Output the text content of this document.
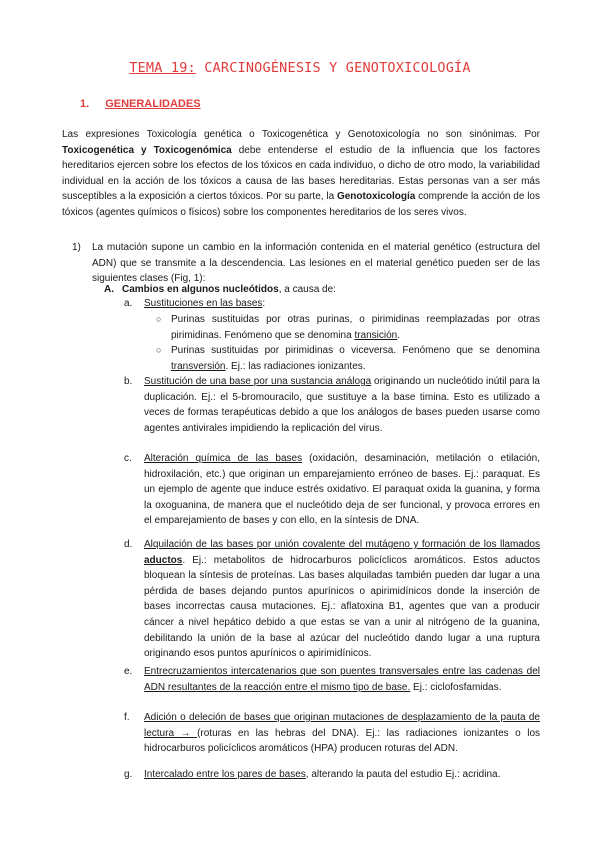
TEMA 19: CARCINOGÉNESIS Y GENOTOXICOLOGÍA
1. GENERALIDADES
Las expresiones Toxicología genética o Toxicogenética y Genotoxicología no son sinónimas. Por Toxicogenética y Toxicogenómica debe entenderse el estudio de la influencia que los factores hereditarios ejercen sobre los efectos de los tóxicos en cada individuo, o dicho de otro modo, la variabilidad individual en la acción de los tóxicos a causa de las bases hereditarias. Estas personas van a ser más susceptibles a la exposición a ciertos tóxicos. Por su parte, la Genotoxicología comprende la acción de los tóxicos (agentes químicos o físicos) sobre los componentes hereditarios de los seres vivos.
1) La mutación supone un cambio en la información contenida en el material genético (estructura del ADN) que se transmite a la descendencia. Las lesiones en el material genético pueden ser de las siguientes clases (Fig, 1):
A. Cambios en algunos nucleótidos, a causa de:
a. Sustituciones en las bases:
○ Purinas sustituidas por otras purinas, o pirimidinas reemplazadas por otras pirimidinas. Fenómeno que se denomina transición.
○ Purinas sustituidas por pirimidinas o viceversa. Fenómeno que se denomina transversión. Ej.: las radiaciones ionizantes.
b. Sustitución de una base por una sustancia análoga originando un nucleótido inútil para la duplicación. Ej.: el 5-bromouracilo, que sustituye a la base timina. Esto es utilizado a veces de formas terapéuticas debido a que los análogos de bases pueden usarse como agentes antivirales impidiendo la replicación del virus.
c. Alteración química de las bases (oxidación, desaminación, metilación o etilación, hidroxilación, etc.) que originan un emparejamiento erróneo de bases. Ej.: paraquat. Es un ejemplo de agente que induce estrés oxidativo. El paraquat oxida la guanina, y forma la oxoguanina, de manera que el nucleótido deja de ser funcional, y provoca errores en el emparejamiento de bases y con ello, en la síntesis de DNA.
d. Alquilación de las bases por unión covalente del mutágeno y formación de los llamados aductos. Ej.: metabolitos de hidrocarburos policíclicos aromáticos. Estos aductos bloquean la síntesis de proteínas. Las bases alquiladas también pueden dar lugar a una pérdida de bases dejando puntos apurínicos o apirimidínicos donde la inserción de bases incorrectas causa mutaciones. Ej.: aflatoxina B1, agentes que van a producir cáncer a nivel hepático debido a que estas se van a unir al nitrógeno de la guanina, debilitando la unión de la base al azúcar del nucleótido dando lugar a una ruptura originando esos puntos apurínicos o apirimidínicos.
e. Entrecruzamientos intercatenarios que son puentes transversales entre las cadenas del ADN resultantes de la reacción entre el mismo tipo de base. Ej.: ciclofosfamidas.
f. Adición o deleción de bases que originan mutaciones de desplazamiento de la pauta de lectura → (roturas en las hebras del DNA). Ej.: las radiaciones ionizantes o los hidrocarburos policíclicos aromáticos (HPA) producen roturas del ADN.
g. Intercalado entre los pares de bases, alterando la pauta del estudio Ej.: acridina.
